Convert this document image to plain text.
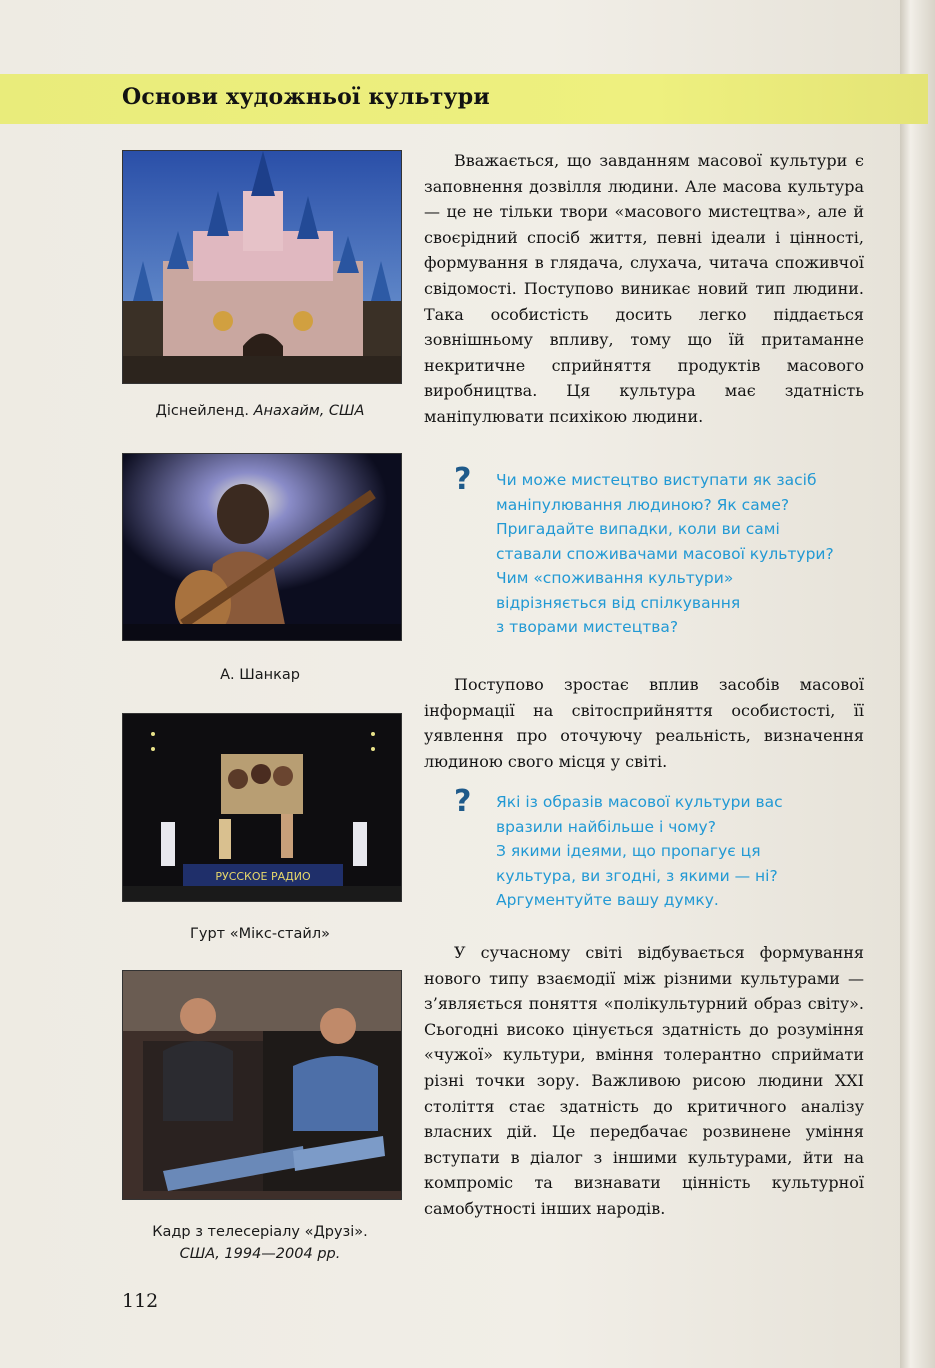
Основи художньої культури
Діснейленд. Анахайм, США
А. Шанкар
РУССКОЕ РАДИО
Гурт «Мікс-стайл»
Кадр з телесеріалу «Друзі».
США, 1994—2004 рр.

Вважається, що завданням масової культури є заповнення дозвілля людини. Але масова культура — це не тільки твори «масового мистецтва», але й своєрідний спосіб життя, певні ідеали і цінності, формування в глядача, слухача, читача споживчої свідомості. Поступово виникає новий тип людини. Така особистість досить легко піддається зовнішньому впливу, тому що їй притаманне некритичне сприйняття продуктів масового виробництва. Ця культура має здатність маніпулювати психікою людини.

?	Чи може мистецтво виступати як засіб
маніпулювання людиною? Як саме?
Пригадайте випадки, коли ви самі
ставали споживачами масової культури?
Чим «споживання культури»
відрізняється від спілкування
з творами мистецтва?

Поступово зростає вплив засобів масової інформації на світосприйняття особистості, її уявлення про оточуючу реальність, визначення людиною свого місця у світі.

?	Які із образів масової культури вас
вразили найбільше і чому?
З якими ідеями, що пропагує ця
культура, ви згодні, з якими — ні?
Аргументуйте вашу думку.

У сучасному світі відбувається формування нового типу взаємодії між різними культурами — з’являється поняття «полікультурний образ світу». Сьогодні високо цінується здатність до розуміння «чужої» культури, вміння толерантно сприймати різні точки зору. Важливою рисою людини XXI століття стає здатність до критичного аналізу власних дій. Це передбачає розвинене уміння вступати в діалог з іншими культурами, йти на компроміс та визнавати цінність культурної самобутності інших народів.

112
